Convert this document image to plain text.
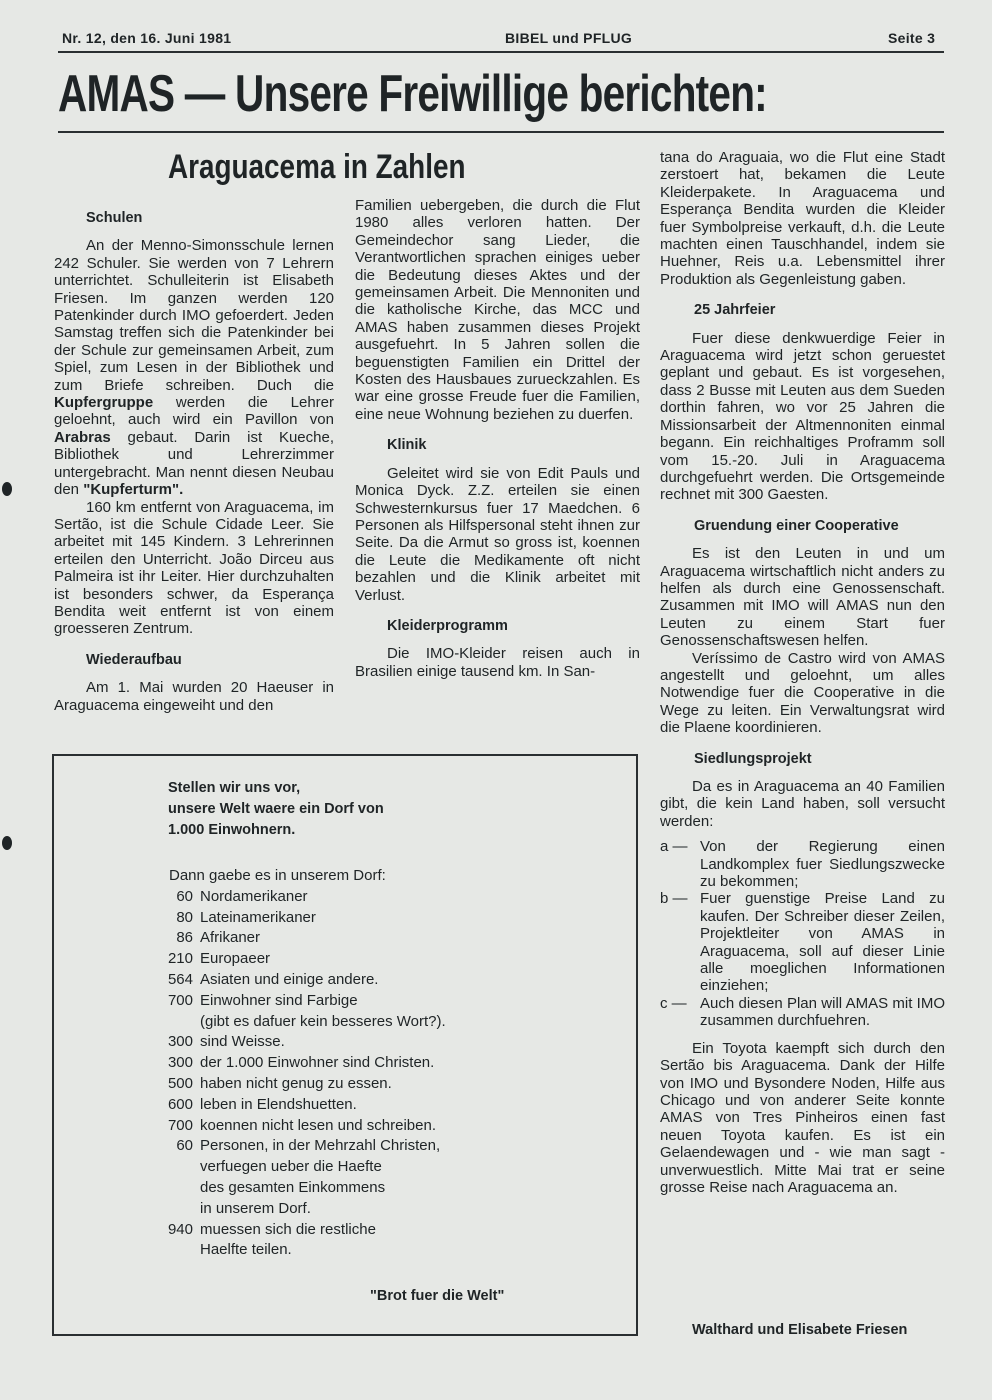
Nr. 12, den 16. Juni 1981	BIBEL und PFLUG	Seite 3
AMAS — Unsere Freiwillige berichten:
Araguacema in Zahlen
Schulen

An der Menno-Simonsschule lernen 242 Schuler. Sie werden von 7 Lehrern unterrichtet. Schulleiterin ist Elisabeth Friesen. Im ganzen werden 120 Patenkinder durch IMO gefoerdert. Jeden Samstag treffen sich die Patenkinder bei der Schule zur gemeinsamen Arbeit, zum Spiel, zum Lesen in der Bibliothek und zum Briefe schreiben. Duch die Kupfergruppe werden die Lehrer geloehnt, auch wird ein Pavillon von Arabras gebaut. Darin ist Kueche, Bibliothek und Lehrerzimmer untergebracht. Man nennt diesen Neubau den "Kupferturm".

160 km entfernt von Araguacema, im Sertão, ist die Schule Cidade Leer. Sie arbeitet mit 145 Kindern. 3 Lehrerinnen erteilen den Unterricht. João Dirceu aus Palmeira ist ihr Leiter. Hier durchzuhalten ist besonders schwer, da Esperança Bendita weit entfernt ist von einem groesseren Zentrum.

Wiederaufbau

Am 1. Mai wurden 20 Haeuser in Araguacema eingeweiht und den

Familien uebergeben, die durch die Flut 1980 alles verloren hatten. Der Gemeindechor sang Lieder, die Verantwortlichen sprachen einiges ueber die Bedeutung dieses Aktes und der gemeinsamen Arbeit. Die Mennoniten und die katholische Kirche, das MCC und AMAS haben zusammen dieses Projekt ausgefuehrt. In 5 Jahren sollen die beguenstigten Familien ein Drittel der Kosten des Hausbaues zurueckzahlen. Es war eine grosse Freude fuer die Familien, eine neue Wohnung beziehen zu duerfen.

Klinik

Geleitet wird sie von Edit Pauls und Monica Dyck. Z.Z. erteilen sie einen Schwesternkursus fuer 17 Maedchen. 6 Personen als Hilfspersonal steht ihnen zur Seite. Da die Armut so gross ist, koennen die Leute die Medikamente oft nicht bezahlen und die Klinik arbeitet mit Verlust.

Kleiderprogramm

Die IMO-Kleider reisen auch in Brasilien einige tausend km. In San-

tana do Araguaia, wo die Flut eine Stadt zerstoert hat, bekamen die Leute Kleiderpakete. In Araguacema und Esperança Bendita wurden die Kleider fuer Symbolpreise verkauft, d.h. die Leute machten einen Tauschhandel, indem sie Huehner, Reis u.a. Lebensmittel ihrer Produktion als Gegenleistung gaben.

25 Jahrfeier

Fuer diese denkwuerdige Feier in Araguacema wird jetzt schon geruestet geplant und gebaut. Es ist vorgesehen, dass 2 Busse mit Leuten aus dem Sueden dorthin fahren, wo vor 25 Jahren die Missionsarbeit der Altmennoniten einmal begann. Ein reichhaltiges Proframm soll vom 15.-20. Juli in Araguacema durchgefuehrt werden. Die Ortsgemeinde rechnet mit 300 Gaesten.

Gruendung einer Cooperative

Es ist den Leuten in und um Araguacema wirtschaftlich nicht anders zu helfen als durch eine Genossenschaft. Zusammen mit IMO will AMAS nun den Leuten zu einem Start fuer Genossenschaftswesen helfen.

Veríssimo de Castro wird von AMAS angestellt und geloehnt, um alles Notwendige fuer die Cooperative in die Wege zu leiten. Ein Verwaltungsrat wird die Plaene koordinieren.

Siedlungsprojekt

Da es in Araguacema an 40 Familien gibt, die kein Land haben, soll versucht werden:

a — Von der Regierung einen Landkomplex fuer Siedlungszwecke zu bekommen;
b — Fuer guenstige Preise Land zu kaufen. Der Schreiber dieser Zeilen, Projektleiter von AMAS in Araguacema, soll auf dieser Linie alle moeglichen Informationen einziehen;
c — Auch diesen Plan will AMAS mit IMO zusammen durchfuehren.

Ein Toyota kaempft sich durch den Sertão bis Araguacema. Dank der Hilfe von IMO und Bysondere Noden, Hilfe aus Chicago und von anderer Seite konnte AMAS von Tres Pinheiros einen fast neuen Toyota kaufen. Es ist ein Gelaendewagen und - wie man sagt - unverwuestlich. Mitte Mai trat er seine grosse Reise nach Araguacema an.

Walthard und Elisabete Friesen
Stellen wir uns vor,
unsere Welt waere ein Dorf von
1.000 Einwohnern.
Dann gaebe es in unserem Dorf:
60 Nordamerikaner
80 Lateinamerikaner
86 Afrikaner
210 Europaeer
564 Asiaten und einige andere.
700 Einwohner sind Farbige
(gibt es dafuer kein besseres Wort?).
300 sind Weisse.
300 der 1.000 Einwohner sind Christen.
500 haben nicht genug zu essen.
600 leben in Elendshuetten.
700 koennen nicht lesen und schreiben.
60 Personen, in der Mehrzahl Christen,
verfuegen ueber die Haefte
des gesamten Einkommens
in unserem Dorf.
940 muessen sich die restliche
Haelfte teilen.
"Brot fuer die Welt"
